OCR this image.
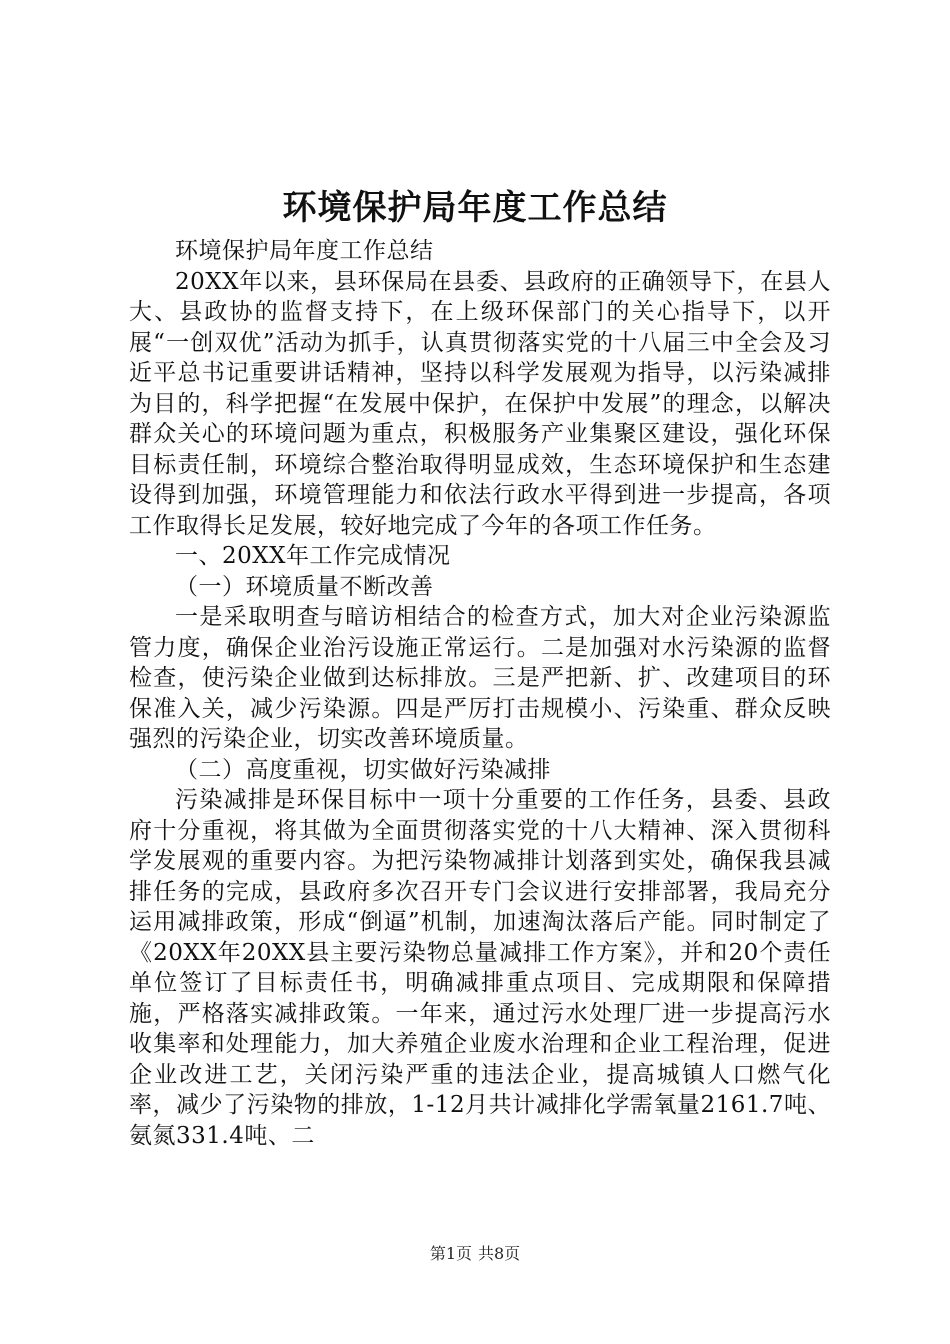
环境保护局年度工作总结

环境保护局年度工作总结

20XX年以来，县环保局在县委、县政府的正确领导下，在县人大、县政协的监督支持下，在上级环保部门的关心指导下，以开展“一创双优”活动为抓手，认真贯彻落实党的十八届三中全会及习近平总书记重要讲话精神，坚持以科学发展观为指导，以污染减排为目的，科学把握“在发展中保护，在保护中发展”的理念，以解决群众关心的环境问题为重点，积极服务产业集聚区建设，强化环保目标责任制，环境综合整治取得明显成效，生态环境保护和生态建设得到加强，环境管理能力和依法行政水平得到进一步提高，各项工作取得长足发展，较好地完成了今年的各项工作任务。

一、20XX年工作完成情况

（一）环境质量不断改善

一是采取明查与暗访相结合的检查方式，加大对企业污染源监管力度，确保企业治污设施正常运行。二是加强对水污染源的监督检查，使污染企业做到达标排放。三是严把新、扩、改建项目的环保准入关，减少污染源。四是严厉打击规模小、污染重、群众反映强烈的污染企业，切实改善环境质量。

（二）高度重视，切实做好污染减排

污染减排是环保目标中一项十分重要的工作任务，县委、县政府十分重视，将其做为全面贯彻落实党的十八大精神、深入贯彻科学发展观的重要内容。为把污染物减排计划落到实处，确保我县减排任务的完成，县政府多次召开专门会议进行安排部署，我局充分运用减排政策，形成“倒逼”机制，加速淘汰落后产能。同时制定了《20XX年20XX县主要污染物总量减排工作方案》，并和20个责任单位签订了目标责任书，明确减排重点项目、完成期限和保障措施，严格落实减排政策。一年来，通过污水处理厂进一步提高污水收集率和处理能力，加大养殖企业废水治理和企业工程治理，促进企业改进工艺，关闭污染严重的违法企业，提高城镇人口燃气化率，减少了污染物的排放，1-12月共计减排化学需氧量2161.7吨、氨氮331.4吨、二

第1页 共8页
